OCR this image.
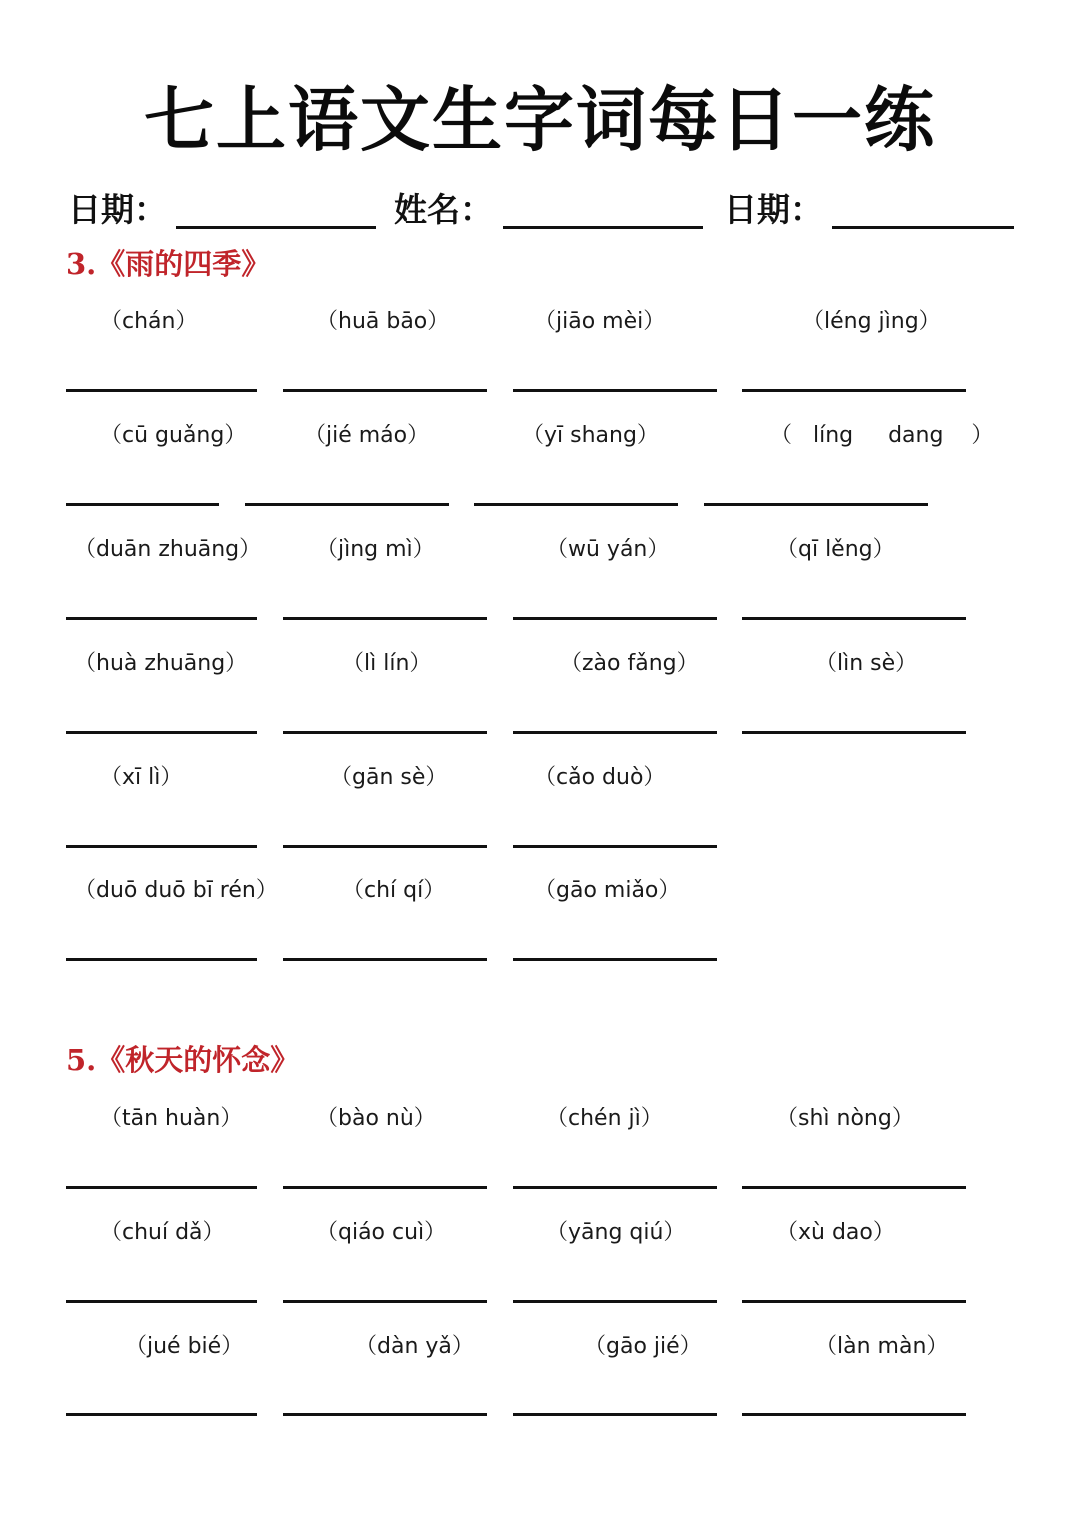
七上语文生字词每日一练
日期：	姓名：	日期：
3.《雨的四季》
（chán）	（huā bāo）	（jiāo mèi）	（léng jìng）
（cū guǎng）	（jié máo）	（yī shang）	（   líng     dang    ）
（duān zhuāng） （jìng mì）	（wū yán）	（qī lěng）
（huà zhuāng）	（lì lín）	（zào fǎng）	（lìn sè）
（xī lì）	（gān sè）	（cǎo duò）
（duō duō bī rén）	（chí qí）	（gāo miǎo）
5.《秋天的怀念》
（tān huàn）	（bào nù）	（chén jì）	（shì nòng）
（chuí dǎ）	（qiáo cuì）	（yāng qiú）	（xù dao）
（jué bié）	（dàn yǎ）	（gāo jié）	（làn màn）
